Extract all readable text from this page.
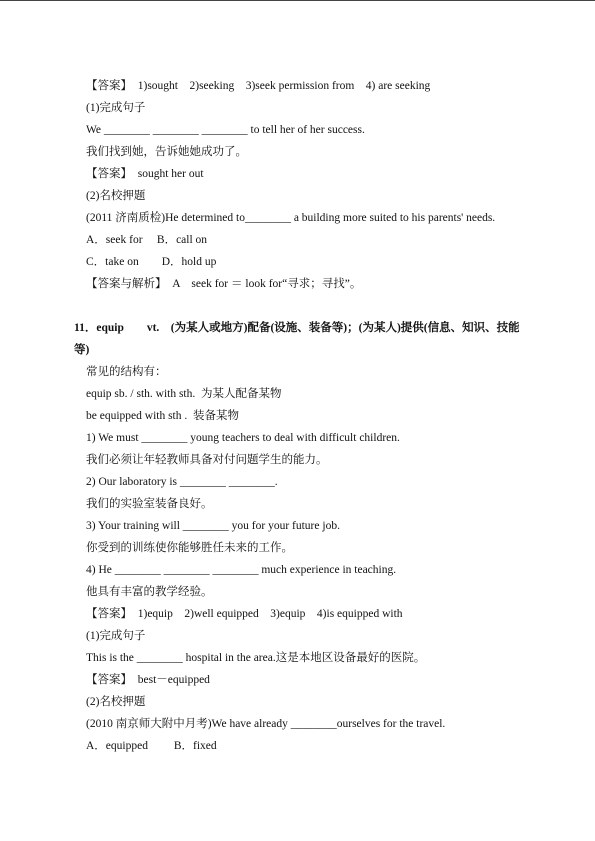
【答案】　1)sought　2)seeking　3)seek permission from　4) are seeking
(1)完成句子
We ________ ________ ________ to tell her of her success.
我们找到她，告诉她她成功了。
【答案】　sought her out
(2)名校押题
(2011 济南质检)He determined to________ a building more suited to his parents' needs.
A．seek for　 B．call on
C．take on　　D．hold up
【答案与解析】　A　seek for ＝ look for“寻求；寻找”。
11．equip　　vt.　(为某人或地方)配备(设施、装备等)；(为某人)提供(信息、知识、技能
等)
常见的结构有：
equip sb. / sth. with sth.  为某人配备某物
be equipped with sth .  装备某物
1) We must ________ young teachers to deal with difficult children.
我们必须让年轻教师具备对付问题学生的能力。
2) Our laboratory is ________ ________.
我们的实验室装备良好。
3) Your training will ________ you for your future job.
你受到的训练使你能够胜任未来的工作。
4) He ________ ________ ________ much experience in teaching.
他具有丰富的教学经验。
【答案】　1)equip　2)well equipped　3)equip　4)is equipped with
(1)完成句子
This is the ________ hospital in the area.这是本地区设备最好的医院。
【答案】　best－equipped
(2)名校押题
(2010 南京师大附中月考)We have already ________ourselves for the travel.
A．equipped　　 B．fixed
